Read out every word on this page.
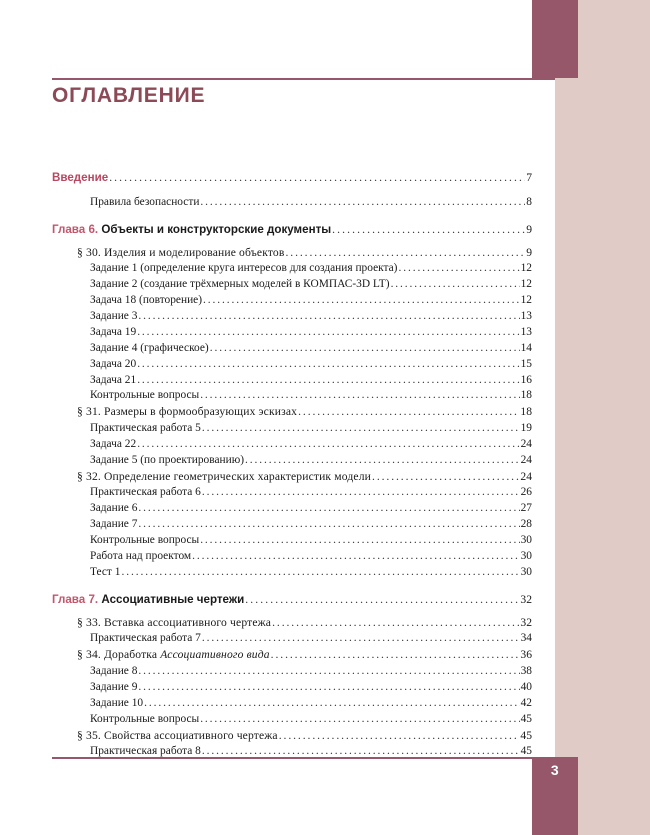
ОГЛАВЛЕНИЕ
Введение .....	7
Правила безопасности .....	8
Глава 6. Объекты и конструкторские документы .....	9
§ 30. Изделия и моделирование объектов .....	9
Задание 1 (определение круга интересов для создания проекта) .....	12
Задание 2 (создание трёхмерных моделей в КОМПАС-3D LT) .....	12
Задача 18 (повторение) .....	12
Задание 3 .....	13
Задача 19 .....	13
Задание 4 (графическое) .....	14
Задача 20 .....	15
Задача 21 .....	16
Контрольные вопросы .....	18
§ 31. Размеры в формообразующих эскизах .....	18
Практическая работа 5 .....	19
Задача 22 .....	24
Задание 5 (по проектированию) .....	24
§ 32. Определение геометрических характеристик модели .....	24
Практическая работа 6 .....	26
Задание 6 .....	27
Задание 7 .....	28
Контрольные вопросы .....	30
Работа над проектом .....	30
Тест 1 .....	30
Глава 7. Ассоциативные чертежи .....	32
§ 33. Вставка ассоциативного чертежа .....	32
Практическая работа 7 .....	34
§ 34. Доработка Ассоциативного вида .....	36
Задание 8 .....	38
Задание 9 .....	40
Задание 10 .....	42
Контрольные вопросы .....	45
§ 35. Свойства ассоциативного чертежа .....	45
Практическая работа 8 .....	45
3
